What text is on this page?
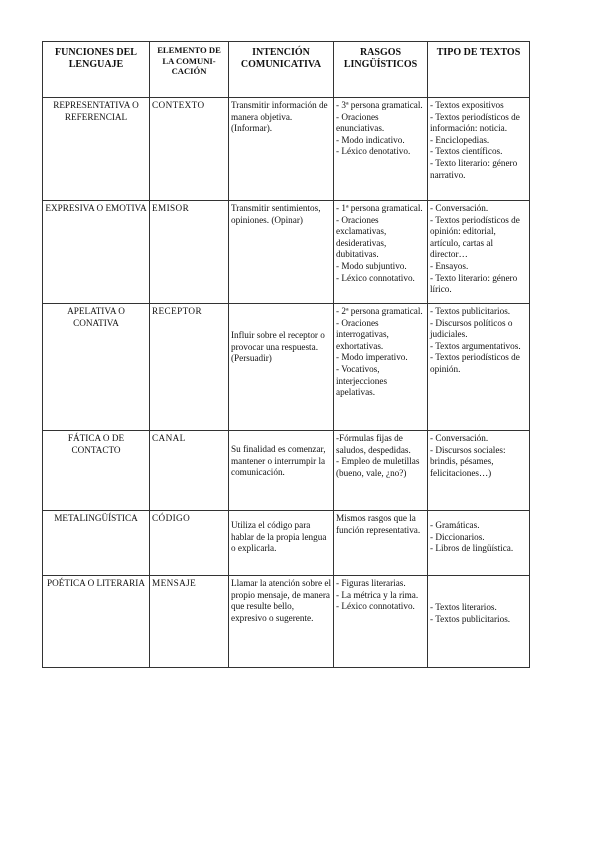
FUNCIONES DEL LENGUAJE	ELEMENTO DE LA COMUNI-CACIÓN	INTENCIÓN COMUNICATIVA	RASGOS LINGÜÍSTICOS	TIPO DE TEXTOS
REPRESENTATIVA O REFERENCIAL	CONTEXTO	Transmitir información de manera objetiva. (Informar).	- 3ª persona gramatical.
- Oraciones enunciativas.
- Modo indicativo.
- Léxico denotativo.	- Textos expositivos
- Textos periodísticos de información: noticia.
- Enciclopedias.
- Textos científicos.
- Texto literario: género narrativo.

EXPRESIVA O EMOTIVA	EMISOR	Transmitir sentimientos, opiniones. (Opinar)	- 1ª persona gramatical.
- Oraciones exclamativas, desiderativas, dubitativas.
- Modo subjuntivo.
- Léxico connotativo.	- Conversación.
- Textos periodísticos de opinión: editorial, artículo, cartas al director…
- Ensayos.
- Texto literario: género lírico.

APELATIVA O CONATIVA	RECEPTOR	Influir sobre el receptor o provocar una respuesta. (Persuadir)	- 2ª persona gramatical.
- Oraciones interrogativas, exhortativas.
- Modo imperativo.
- Vocativos, interjecciones apelativas.	- Textos publicitarios.
- Discursos políticos o judiciales.
- Textos argumentativos.
- Textos periodísticos de opinión.

FÁTICA O DE CONTACTO	CANAL	Su finalidad es comenzar, mantener o interrumpir la comunicación.	-Fórmulas fijas de saludos, despedidas.
- Empleo de muletillas (bueno, vale, ¿no?)	- Conversación.
- Discursos sociales: brindis, pésames, felicitaciones…)

METALINGÜÍSTICA	CÓDIGO	Utiliza el código para hablar de la propia lengua o explicarla.	Mismos rasgos que la función representativa.	- Gramáticas.
- Diccionarios.
- Libros de lingüística.

POÉTICA O LITERARIA	MENSAJE	Llamar la atención sobre el propio mensaje, de manera que resulte bello, expresivo o sugerente.	- Figuras literarias.
- La métrica y la rima.
- Léxico connotativo.	- Textos literarios.
- Textos publicitarios.
